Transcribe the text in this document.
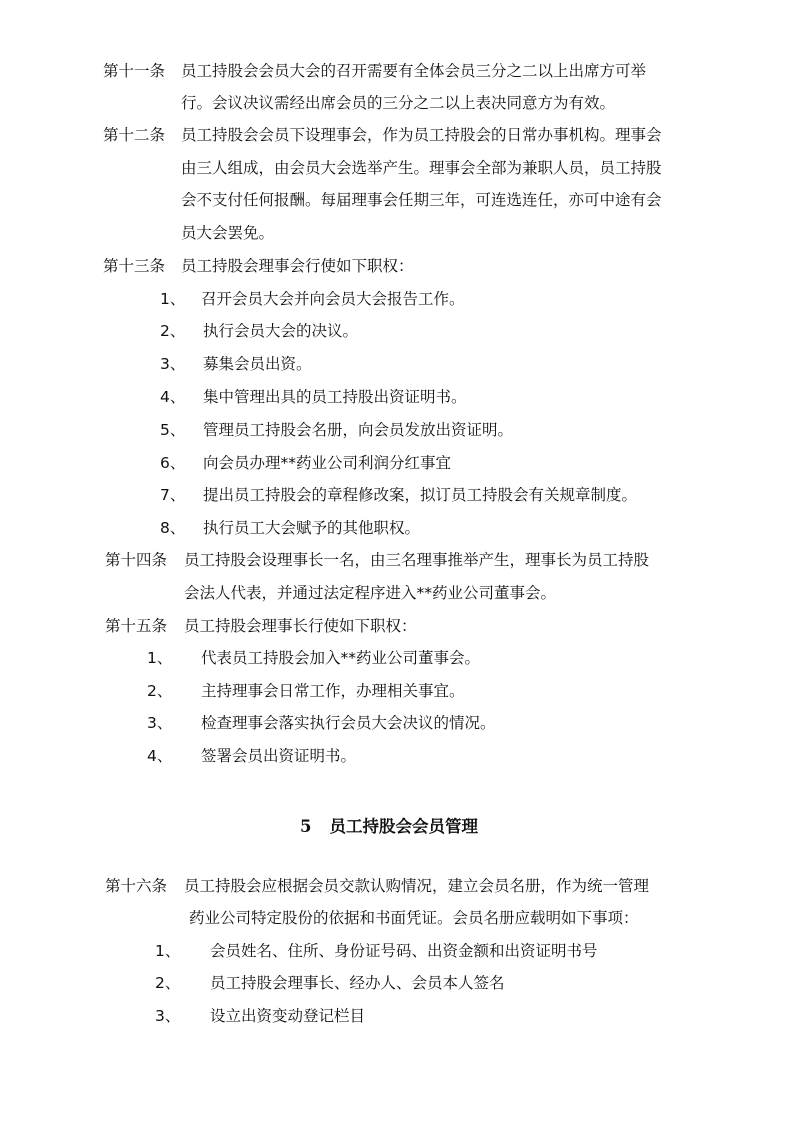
第十一条 员工持股会会员大会的召开需要有全体会员三分之二以上出席方可举
行。会议决议需经出席会员的三分之二以上表决同意方为有效。
第十二条 员工持股会会员下设理事会，作为员工持股会的日常办事机构。理事会
由三人组成，由会员大会选举产生。理事会全部为兼职人员，员工持股
会不支付任何报酬。每届理事会任期三年，可连选连任，亦可中途有会
员大会罢免。
第十三条 员工持股会理事会行使如下职权：
1、 召开会员大会并向会员大会报告工作。
2、 执行会员大会的决议。
3、 募集会员出资。
4、 集中管理出具的员工持股出资证明书。
5、 管理员工持股会名册，向会员发放出资证明。
6、 向会员办理**药业公司利润分红事宜
7、 提出员工持股会的章程修改案，拟订员工持股会有关规章制度。
8、 执行员工大会赋予的其他职权。
第十四条 员工持股会设理事长一名，由三名理事推举产生，理事长为员工持股
会法人代表，并通过法定程序进入**药业公司董事会。
第十五条 员工持股会理事长行使如下职权：
1、 代表员工持股会加入**药业公司董事会。
2、 主持理事会日常工作，办理相关事宜。
3、 检查理事会落实执行会员大会决议的情况。
4、 签署会员出资证明书。
5 员工持股会会员管理
第十六条 员工持股会应根据会员交款认购情况，建立会员名册，作为统一管理
药业公司特定股份的依据和书面凭证。会员名册应载明如下事项：
1、 会员姓名、住所、身份证号码、出资金额和出资证明书号
2、 员工持股会理事长、经办人、会员本人签名
3、 设立出资变动登记栏目
